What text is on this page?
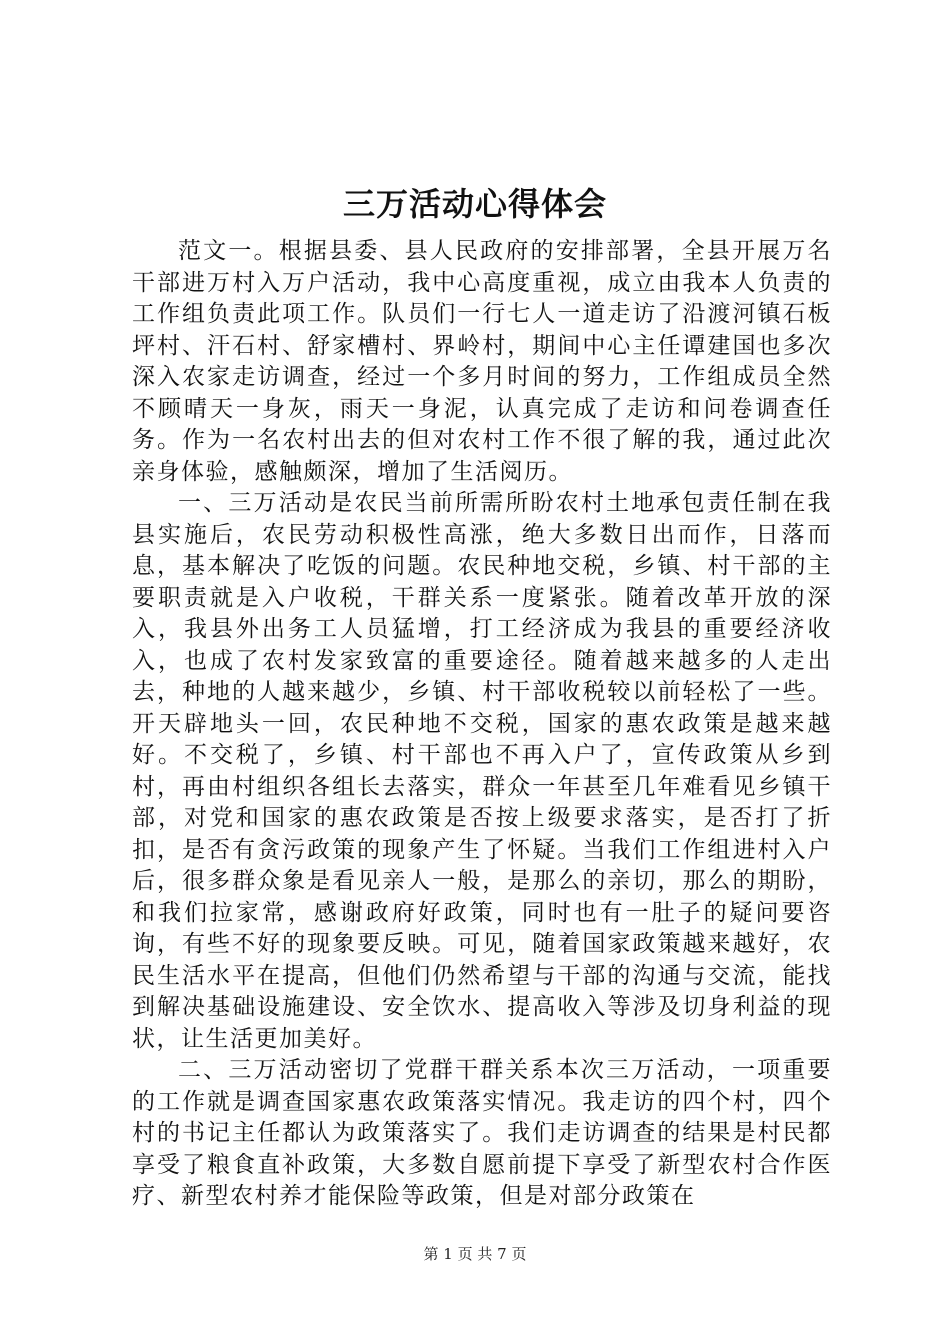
三万活动心得体会

范文一。根据县委、县人民政府的安排部署，全县开展万名干部进万村入万户活动，我中心高度重视，成立由我本人负责的工作组负责此项工作。队员们一行七人一道走访了沿渡河镇石板坪村、汗石村、舒家槽村、界岭村，期间中心主任谭建国也多次深入农家走访调查，经过一个多月时间的努力，工作组成员全然不顾晴天一身灰，雨天一身泥，认真完成了走访和问卷调查任务。作为一名农村出去的但对农村工作不很了解的我，通过此次亲身体验，感触颇深，增加了生活阅历。

一、三万活动是农民当前所需所盼农村土地承包责任制在我县实施后，农民劳动积极性高涨，绝大多数日出而作，日落而息，基本解决了吃饭的问题。农民种地交税，乡镇、村干部的主要职责就是入户收税，干群关系一度紧张。随着改革开放的深入，我县外出务工人员猛增，打工经济成为我县的重要经济收入，也成了农村发家致富的重要途径。随着越来越多的人走出去，种地的人越来越少，乡镇、村干部收税较以前轻松了一些。开天辟地头一回，农民种地不交税，国家的惠农政策是越来越好。不交税了，乡镇、村干部也不再入户了，宣传政策从乡到村，再由村组织各组长去落实，群众一年甚至几年难看见乡镇干部，对党和国家的惠农政策是否按上级要求落实，是否打了折扣，是否有贪污政策的现象产生了怀疑。当我们工作组进村入户后，很多群众象是看见亲人一般，是那么的亲切，那么的期盼，和我们拉家常，感谢政府好政策，同时也有一肚子的疑问要咨询，有些不好的现象要反映。可见，随着国家政策越来越好，农民生活水平在提高，但他们仍然希望与干部的沟通与交流，能找到解决基础设施建设、安全饮水、提高收入等涉及切身利益的现状，让生活更加美好。

二、三万活动密切了党群干群关系本次三万活动，一项重要的工作就是调查国家惠农政策落实情况。我走访的四个村，四个村的书记主任都认为政策落实了。我们走访调查的结果是村民都享受了粮食直补政策，大多数自愿前提下享受了新型农村合作医疗、新型农村养才能保险等政策，但是对部分政策在

第 1 页 共 7 页
